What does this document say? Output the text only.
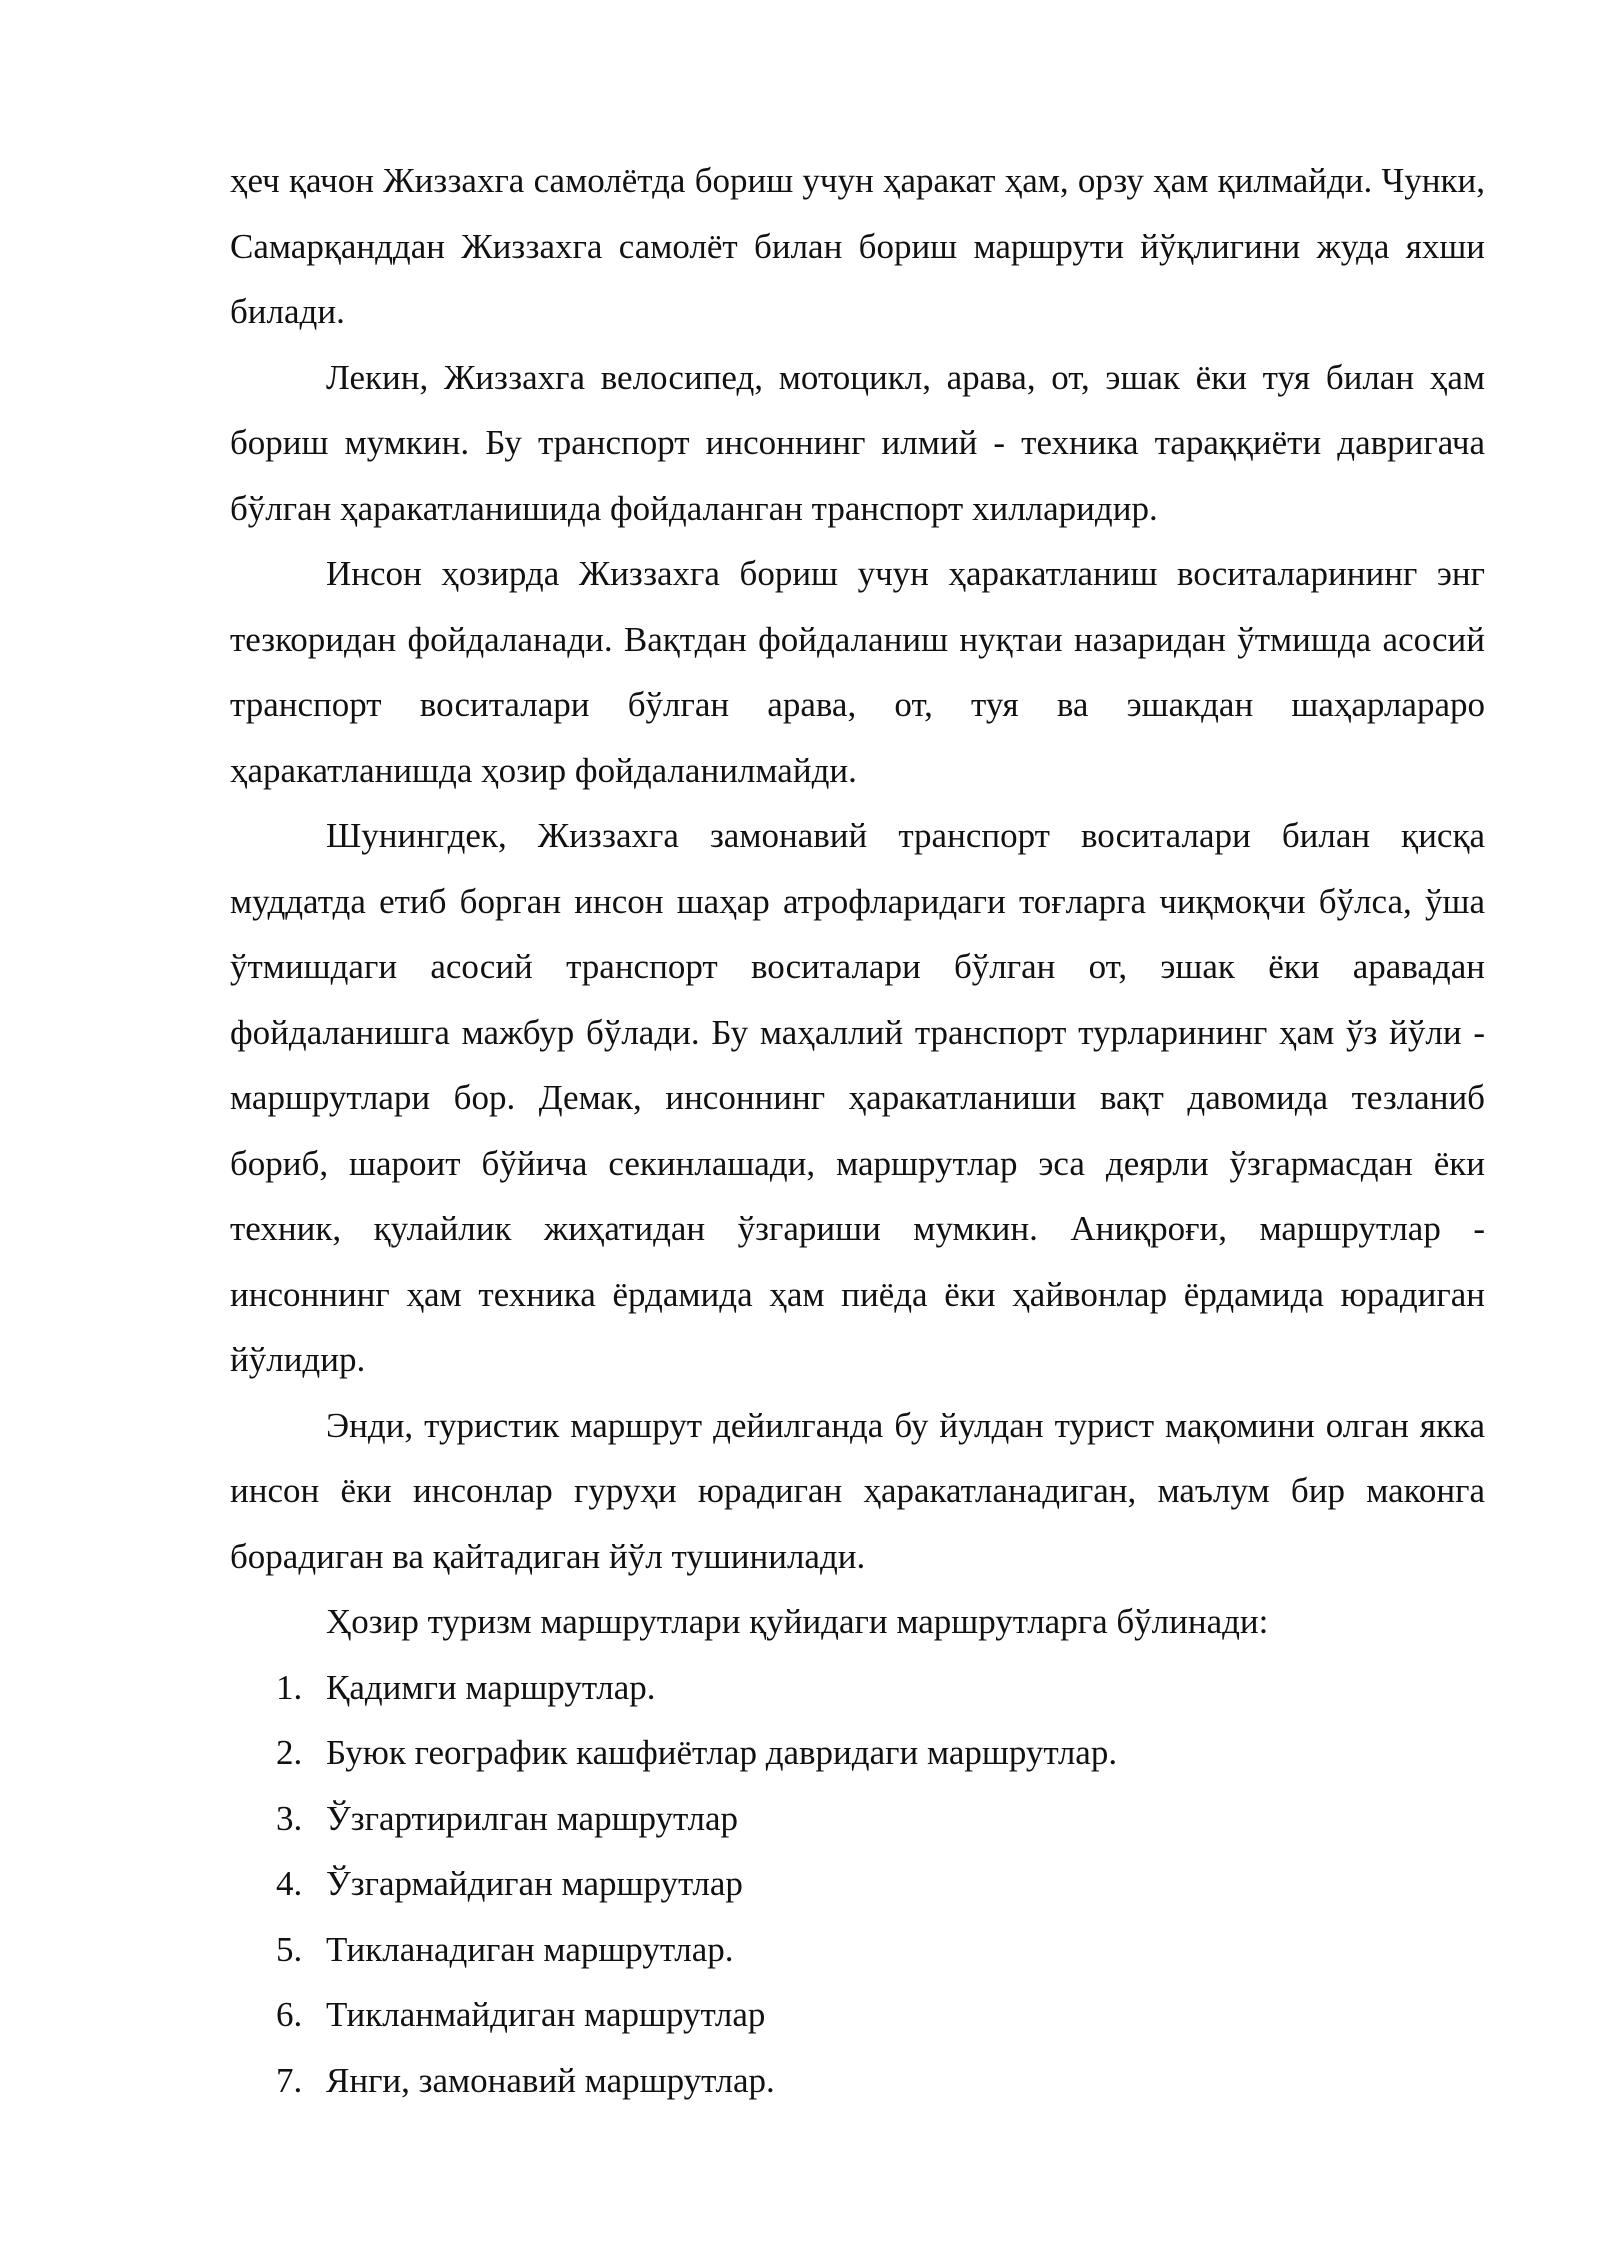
ҳеч қачон Жиззахга самолётда бориш учун ҳаракат ҳам, орзу ҳам қилмайди. Чунки, Самарқанддан Жиззахга самолёт билан бориш маршрути йўқлигини жуда яхши билади.

Лекин, Жиззахга велосипед, мотоцикл, арава, от, эшак ёки туя билан ҳам бориш мумкин. Бу транспорт инсоннинг илмий - техника тараққиёти давригача бўлган ҳаракатланишида фойдаланган транспорт хилларидир.

Инсон ҳозирда Жиззахга бориш учун ҳаракатланиш воситаларининг энг тезкоридан фойдаланади. Вақтдан фойдаланиш нуқтаи назаридан ўтмишда асосий транспорт воситалари бўлган арава, от, туя ва эшакдан шаҳарлараро ҳаракатланишда ҳозир фойдаланилмайди.

Шунингдек, Жиззахга замонавий транспорт воситалари билан қисқа муддатда етиб борган инсон шаҳар атрофларидаги тоғларга чиқмоқчи бўлса, ўша ўтмишдаги асосий транспорт воситалари бўлган от, эшак ёки аравадан фойдаланишга мажбур бўлади. Бу маҳаллий транспорт турларининг ҳам ўз йўли - маршрутлари бор. Демак, инсоннинг ҳаракатланиши вақт давомида тезланиб бориб, шароит бўйича секинлашади, маршрутлар эса деярли ўзгармасдан ёки техник, қулайлик жиҳатидан ўзгариши мумкин. Аниқроғи, маршрутлар - инсоннинг ҳам техника ёрдамида ҳам пиёда ёки ҳайвонлар ёрдамида юрадиган йўлидир.

Энди, туристик маршрут дейилганда бу йулдан турист мақомини олган якка инсон ёки инсонлар гуруҳи юрадиган ҳаракатланадиган, маълум бир маконга борадиган ва қайтадиган йўл тушинилади.

Ҳозир туризм маршрутлари қуйидаги маршрутларга бўлинади:

1. Қадимги маршрутлар.
2. Буюк географик кашфиётлар давридаги маршрутлар.
3. Ўзгартирилган маршрутлар
4. Ўзгармайдиган маршрутлар
5. Тикланадиган маршрутлар.
6. Тикланмайдиган маршрутлар
7. Янги, замонавий маршрутлар.
